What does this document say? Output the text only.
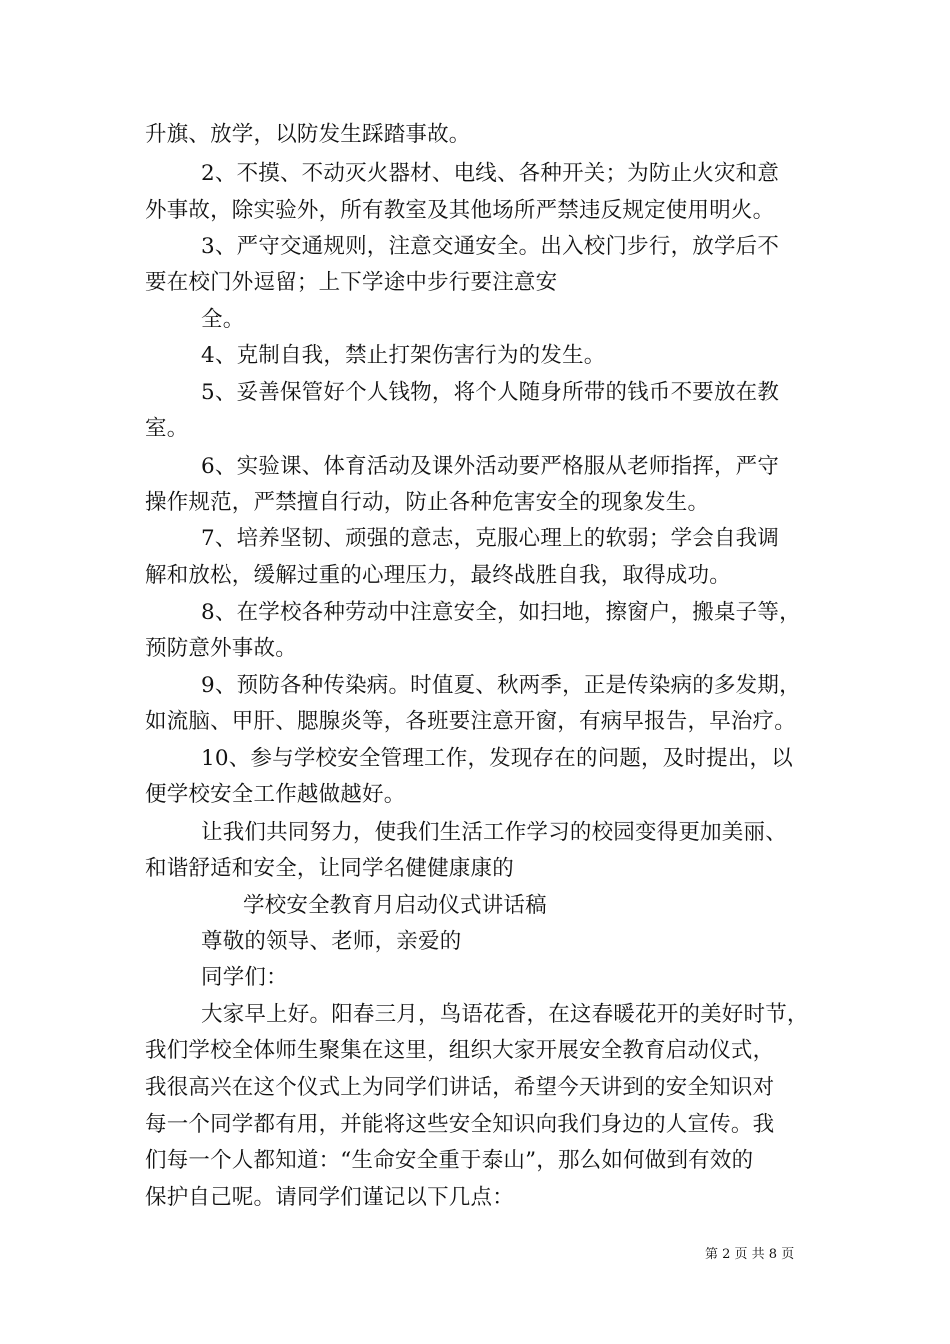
升旗、放学，以防发生踩踏事故。
2、不摸、不动灭火器材、电线、各种开关；为防止火灾和意
外事故，除实验外，所有教室及其他场所严禁违反规定使用明火。
3、严守交通规则，注意交通安全。出入校门步行，放学后不
要在校门外逗留；上下学途中步行要注意安
全。
4、克制自我，禁止打架伤害行为的发生。
5、妥善保管好个人钱物，将个人随身所带的钱币不要放在教
室。
6、实验课、体育活动及课外活动要严格服从老师指挥，严守
操作规范，严禁擅自行动，防止各种危害安全的现象发生。
7、培养坚韧、顽强的意志，克服心理上的软弱；学会自我调
解和放松，缓解过重的心理压力，最终战胜自我，取得成功。
8、在学校各种劳动中注意安全，如扫地，擦窗户，搬桌子等，
预防意外事故。
9、预防各种传染病。时值夏、秋两季，正是传染病的多发期，
如流脑、甲肝、腮腺炎等，各班要注意开窗，有病早报告，早治疗。
10、参与学校安全管理工作，发现存在的问题，及时提出，以
便学校安全工作越做越好。
让我们共同努力，使我们生活工作学习的校园变得更加美丽、
和谐舒适和安全，让同学名健健康康的
学校安全教育月启动仪式讲话稿
尊敬的领导、老师，亲爱的
同学们：
大家早上好。阳春三月，鸟语花香，在这春暖花开的美好时节，
我们学校全体师生聚集在这里，组织大家开展安全教育启动仪式，
我很高兴在这个仪式上为同学们讲话，希望今天讲到的安全知识对
每一个同学都有用，并能将这些安全知识向我们身边的人宣传。我
们每一个人都知道：“生命安全重于泰山”，那么如何做到有效的
保护自己呢。请同学们谨记以下几点：
第 2 页 共 8 页
